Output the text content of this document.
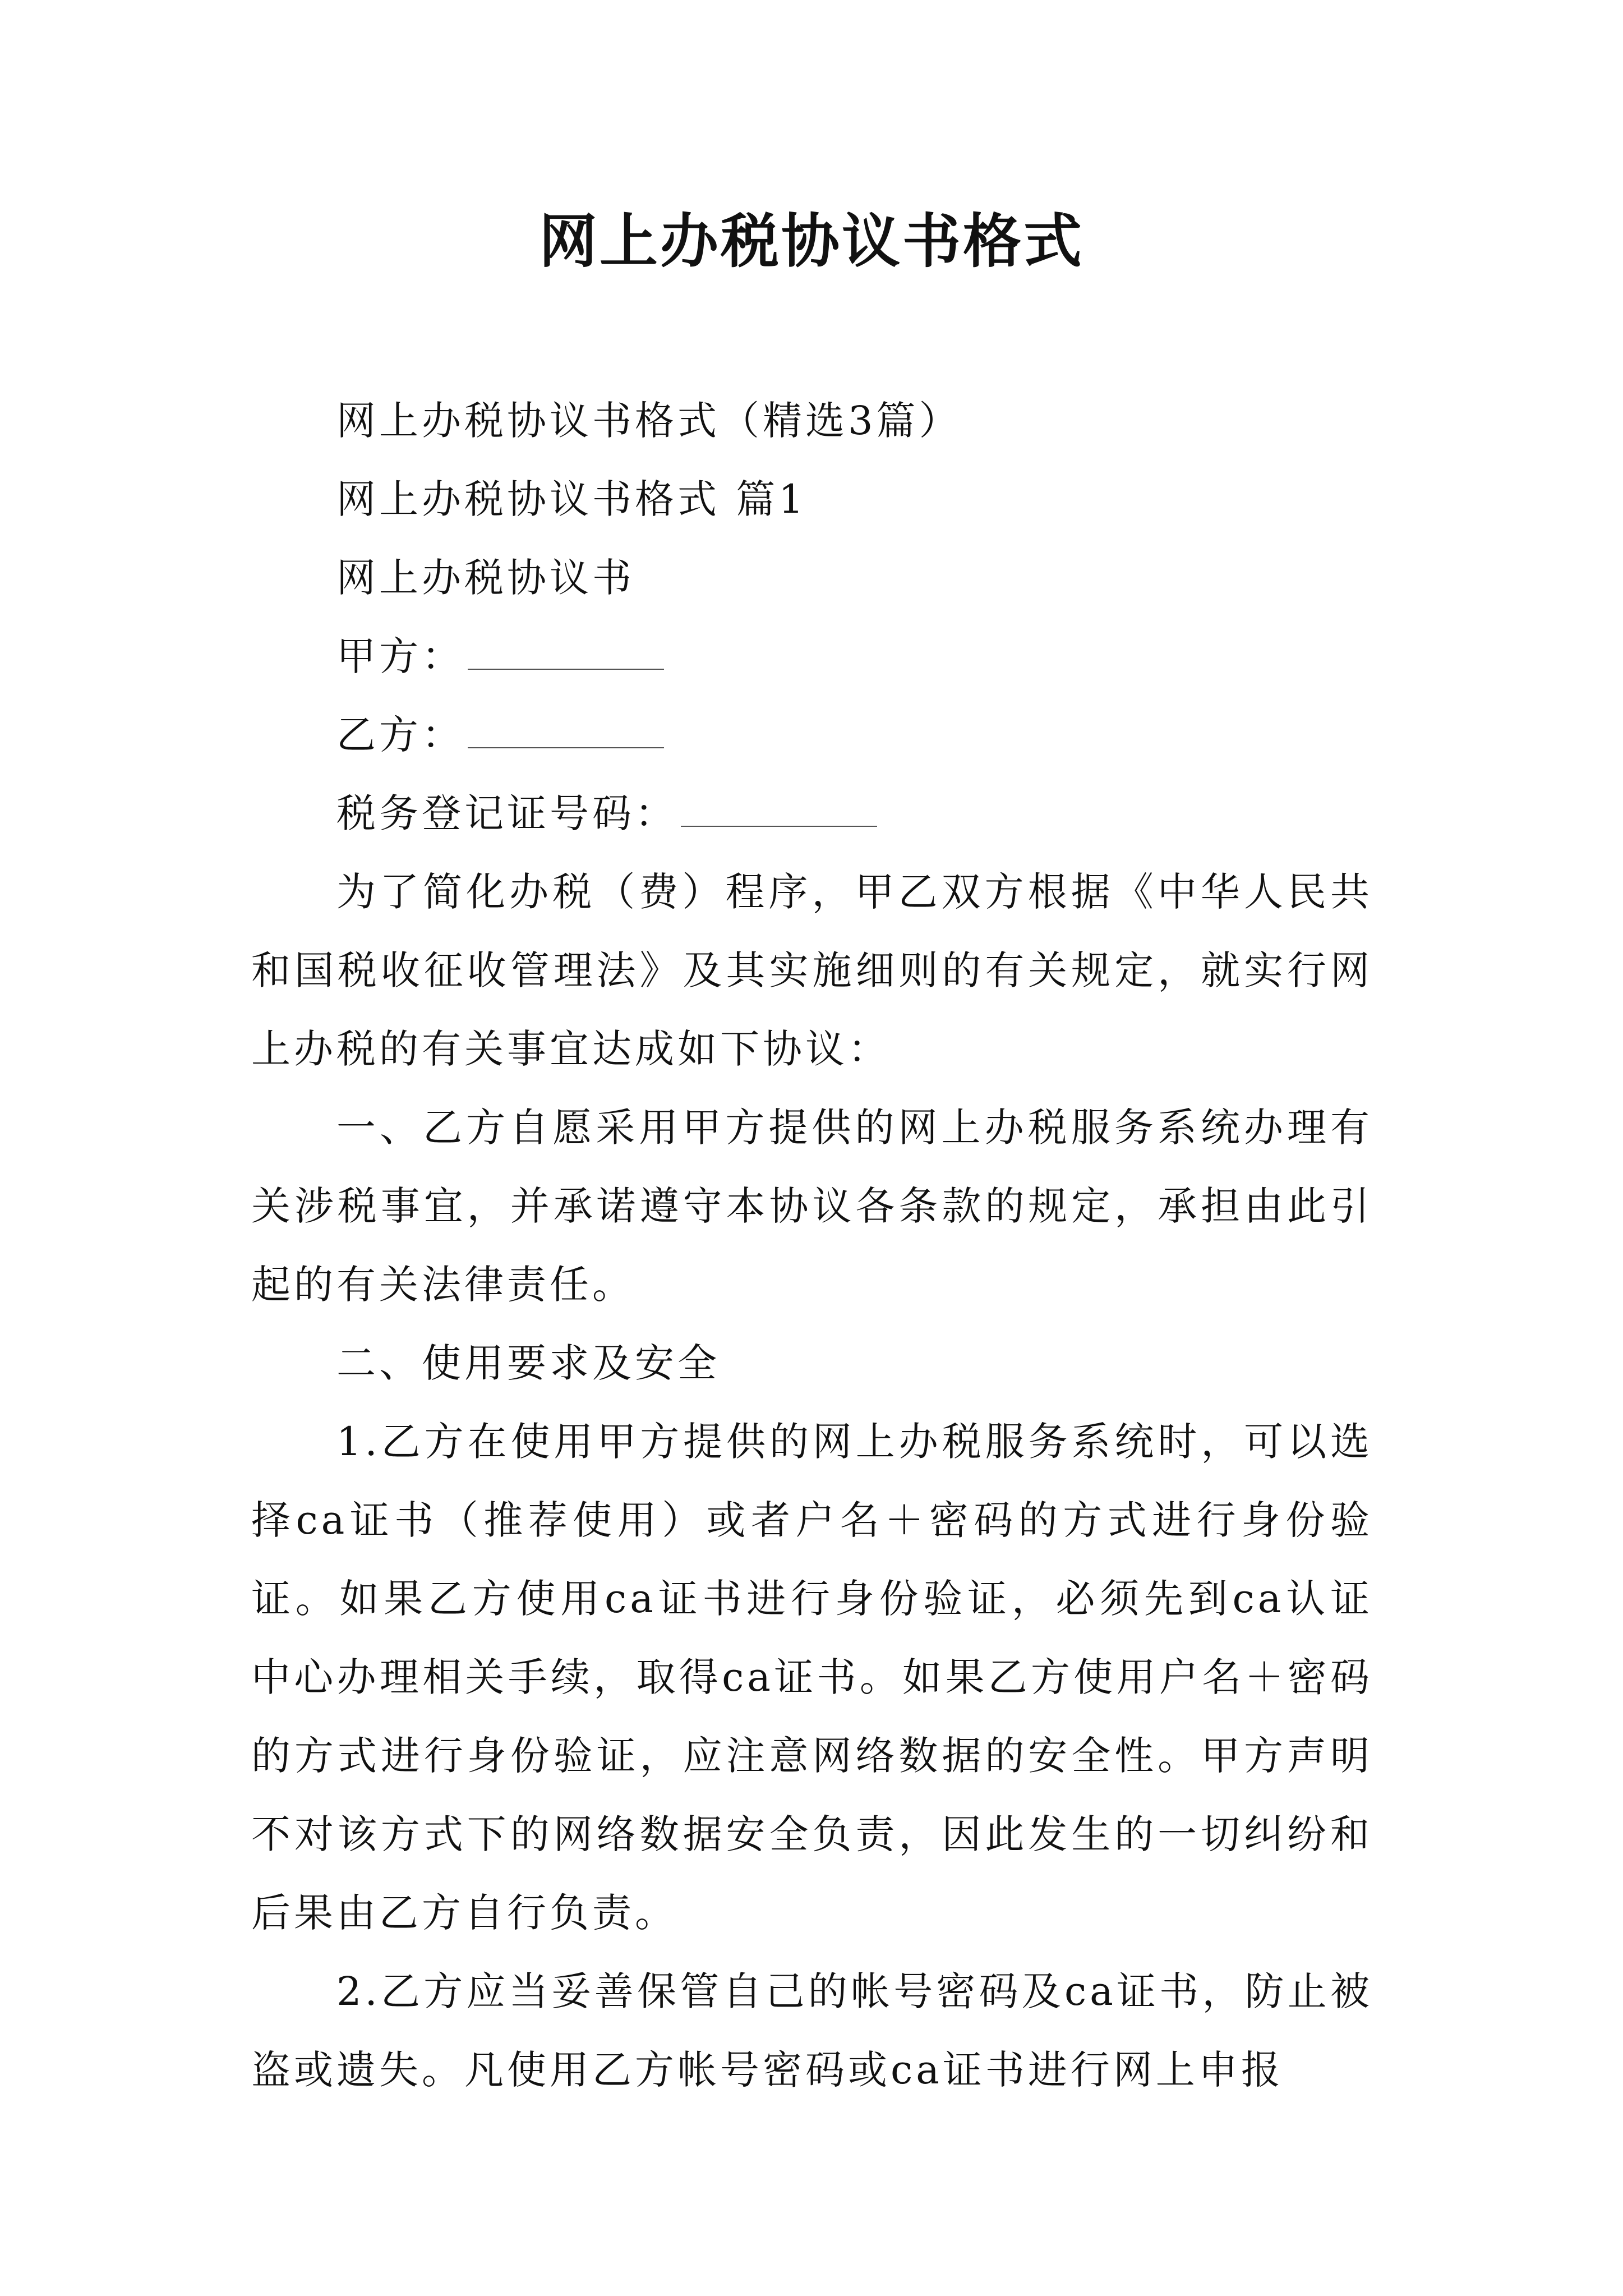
网上办税协议书格式

网上办税协议书格式（精选3篇）

网上办税协议书格式 篇1

网上办税协议书

甲方：

乙方：

税务登记证号码：

为了简化办税（费）程序，甲乙双方根据《中华人民共和国税收征收管理法》及其实施细则的有关规定，就实行网上办税的有关事宜达成如下协议：

一、乙方自愿采用甲方提供的网上办税服务系统办理有关涉税事宜，并承诺遵守本协议各条款的规定，承担由此引起的有关法律责任。

二、使用要求及安全

1.乙方在使用甲方提供的网上办税服务系统时，可以选择ca证书（推荐使用）或者户名＋密码的方式进行身份验证。如果乙方使用ca证书进行身份验证，必须先到ca认证中心办理相关手续，取得ca证书。如果乙方使用户名＋密码的方式进行身份验证，应注意网络数据的安全性。甲方声明不对该方式下的网络数据安全负责，因此发生的一切纠纷和后果由乙方自行负责。

2.乙方应当妥善保管自己的帐号密码及ca证书，防止被盗或遗失。凡使用乙方帐号密码或ca证书进行网上申报
